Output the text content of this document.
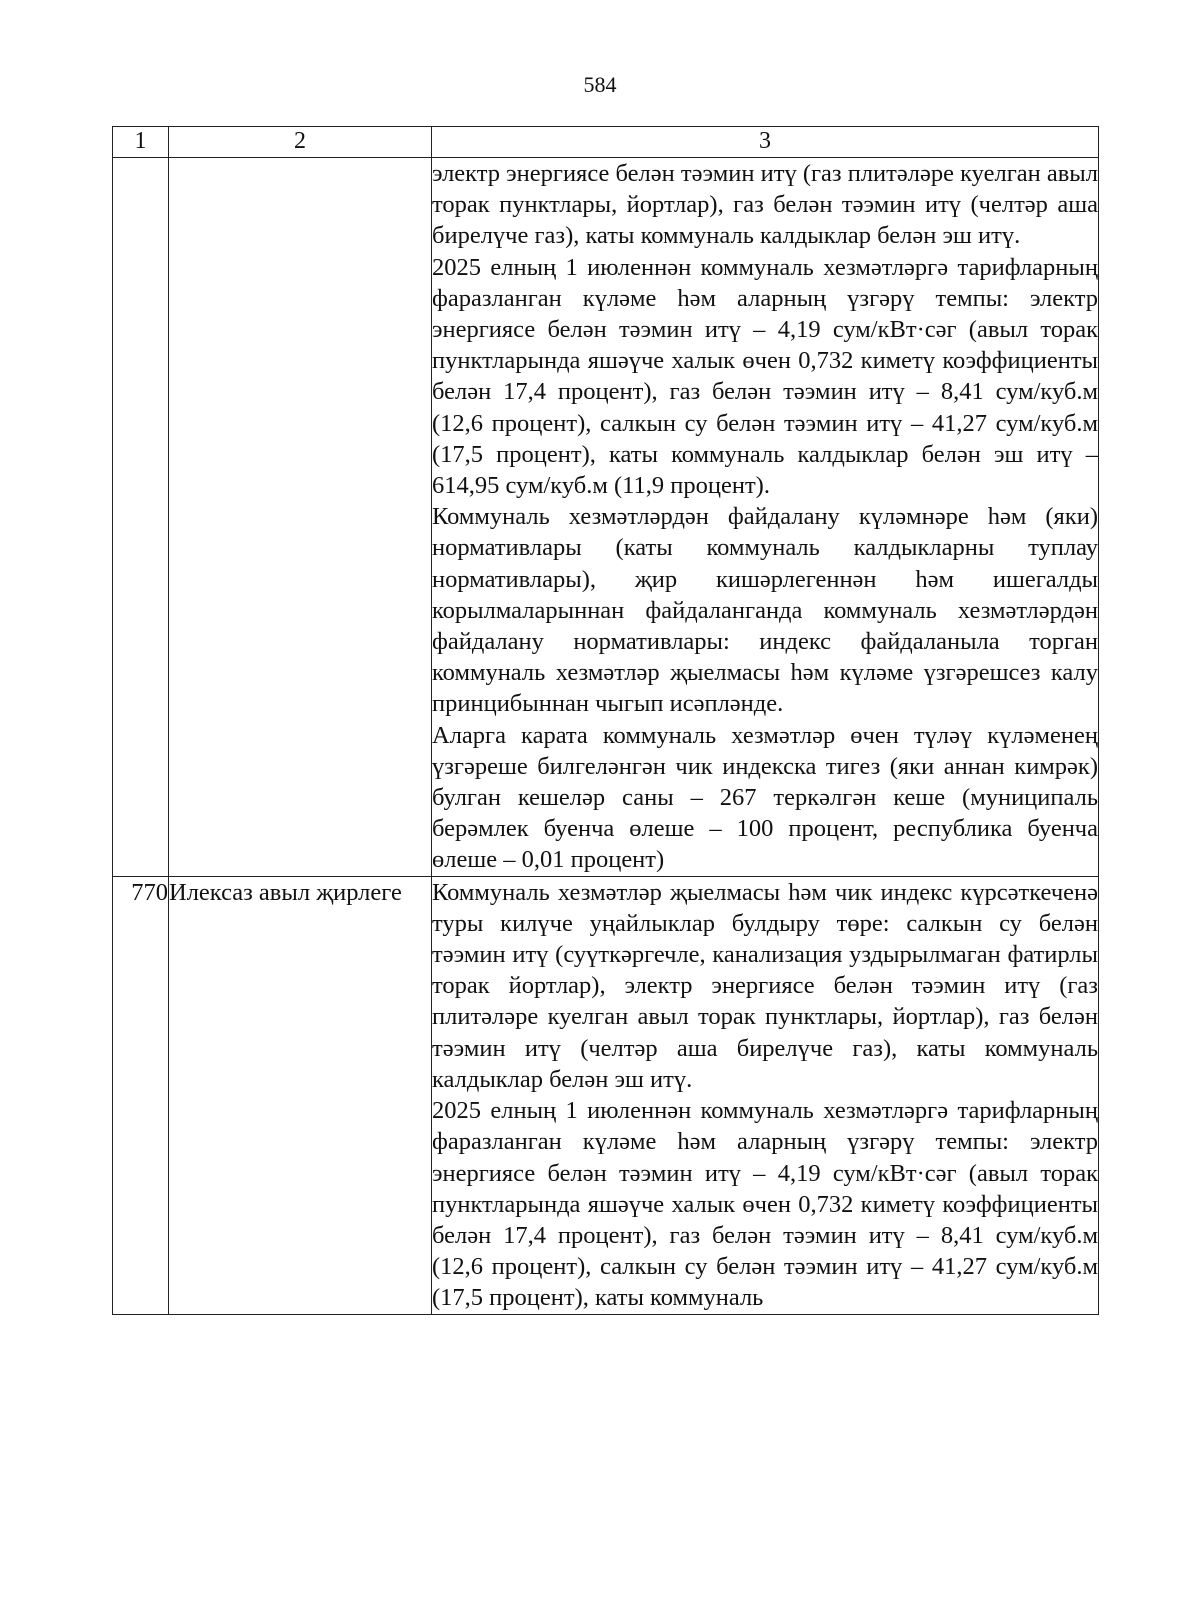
584
1	2	3

		электр энергиясе белән тәэмин итү (газ плитәләре куелган авыл торак пунктлары, йортлар), газ белән тәэмин итү (челтәр аша бирелүче газ), каты коммуналь калдыклар белән эш итү.

2025 елның 1 июленнән коммуналь хезмәтләргә тарифларның фаразланган күләме һәм аларның үзгәрү темпы: электр энергиясе белән тәэмин итү – 4,19 сум/кВт·сәг (авыл торак пунктларында яшәүче халык өчен 0,732 киметү коэффициенты белән 17,4 процент), газ белән тәэмин итү – 8,41 сум/куб.м (12,6 процент), салкын су белән тәэмин итү – 41,27 сум/куб.м (17,5 процент), каты коммуналь калдыклар белән эш итү – 614,95 сум/куб.м (11,9 процент).

Коммуналь хезмәтләрдән файдалану күләмнәре һәм (яки) нормативлары (каты коммуналь калдыкларны туплау нормативлары), җир кишәрлегеннән һәм ишегалды корылмаларыннан файдаланганда коммуналь хезмәтләрдән файдалану нормативлары: индекс файдаланыла торган коммуналь хезмәтләр җыелмасы һәм күләме үзгәрешсез калу принцибыннан чыгып исәпләнде.

Аларга карата коммуналь хезмәтләр өчен түләү күләменең үзгәреше билгеләнгән чик индекска тигез (яки аннан кимрәк) булган кешеләр саны – 267 теркәлгән кеше (муниципаль берәмлек буенча өлеше – 100 процент, республика буенча өлеше – 0,01 процент)

770	Илексаз авыл җирлеге	Коммуналь хезмәтләр җыелмасы һәм чик индекс күрсәткеченә туры килүче уңайлыклар булдыру төре: салкын су белән тәэмин итү (суүткәргечле, канализация уздырылмаган фатирлы торак йортлар), электр энергиясе белән тәэмин итү (газ плитәләре куелган авыл торак пунктлары, йортлар), газ белән тәэмин итү (челтәр аша бирелүче газ), каты коммуналь калдыклар белән эш итү.

2025 елның 1 июленнән коммуналь хезмәтләргә тарифларның фаразланган күләме һәм аларның үзгәрү темпы: электр энергиясе белән тәэмин итү – 4,19 сум/кВт·сәг (авыл торак пунктларында яшәүче халык өчен 0,732 киметү коэффициенты белән 17,4 процент), газ белән тәэмин итү – 8,41 сум/куб.м (12,6 процент), салкын су белән тәэмин итү – 41,27 сум/куб.м (17,5 процент), каты коммуналь
